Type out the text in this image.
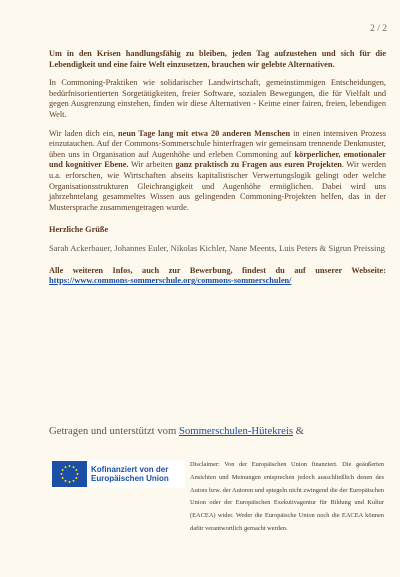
2 / 2

Um in den Krisen handlungsfähig zu bleiben, jeden Tag aufzustehen und sich für die Lebendigkeit und eine faire Welt einzusetzen, brauchen wir gelebte Alternativen.

In Commoning-Praktiken wie solidarischer Landwirtschaft, gemeinstimmigen Entscheidungen, bedürfnisorientierten Sorgetätigkeiten, freier Software, sozialen Bewegungen, die für Vielfalt und gegen Ausgrenzung einstehen, finden wir diese Alternativen - Keime einer fairen, freien, lebendigen Welt.

Wir laden dich ein, neun Tage lang mit etwa 20 anderen Menschen in einen intensiven Prozess einzutauchen. Auf der Commons-Sommerschule hinterfragen wir gemeinsam trennende Denkmuster, üben uns in Organisation auf Augenhöhe und erleben Commoning auf körperlicher, emotionaler und kognitiver Ebene. Wir arbeiten ganz praktisch zu Fragen aus euren Projekten. Wir werden u.a. erforschen, wie Wirtschaften abseits kapitalistischer Verwertungslogik gelingt oder welche Organisationsstrukturen Gleichrangigkeit und Augenhöhe ermöglichen. Dabei wird uns jahrzehntelang gesammeltes Wissen aus gelingenden Commoning-Projekten helfen, das in der Mustersprache zusammengetragen wurde.

Herzliche Grüße

Sarah Ackerbauer, Johannes Euler, Nikolas Kichler, Nane Meents, Luis Peters & Sigrun Preissing

Alle weiteren Infos, auch zur Bewerbung, findest du auf unserer Webseite: https://www.commons-sommerschule.org/commons-sommerschulen/

Getragen und unterstützt vom Sommerschulen-Hütekreis &
Kofinanziert von der
Europäischen Union
Disclaimer: Von der Europäischen Union finanziert. Die geäußerten Ansichten und Meinungen entsprechen jedoch ausschließlich denen des Autors bzw. der Autoren und spiegeln nicht zwingend die der Europäischen Union oder der Europäischen Exekutivagentur für Bildung und Kultur (EACEA) wider. Weder die Europäische Union noch die EACEA können dafür verantwortlich gemacht werden.
